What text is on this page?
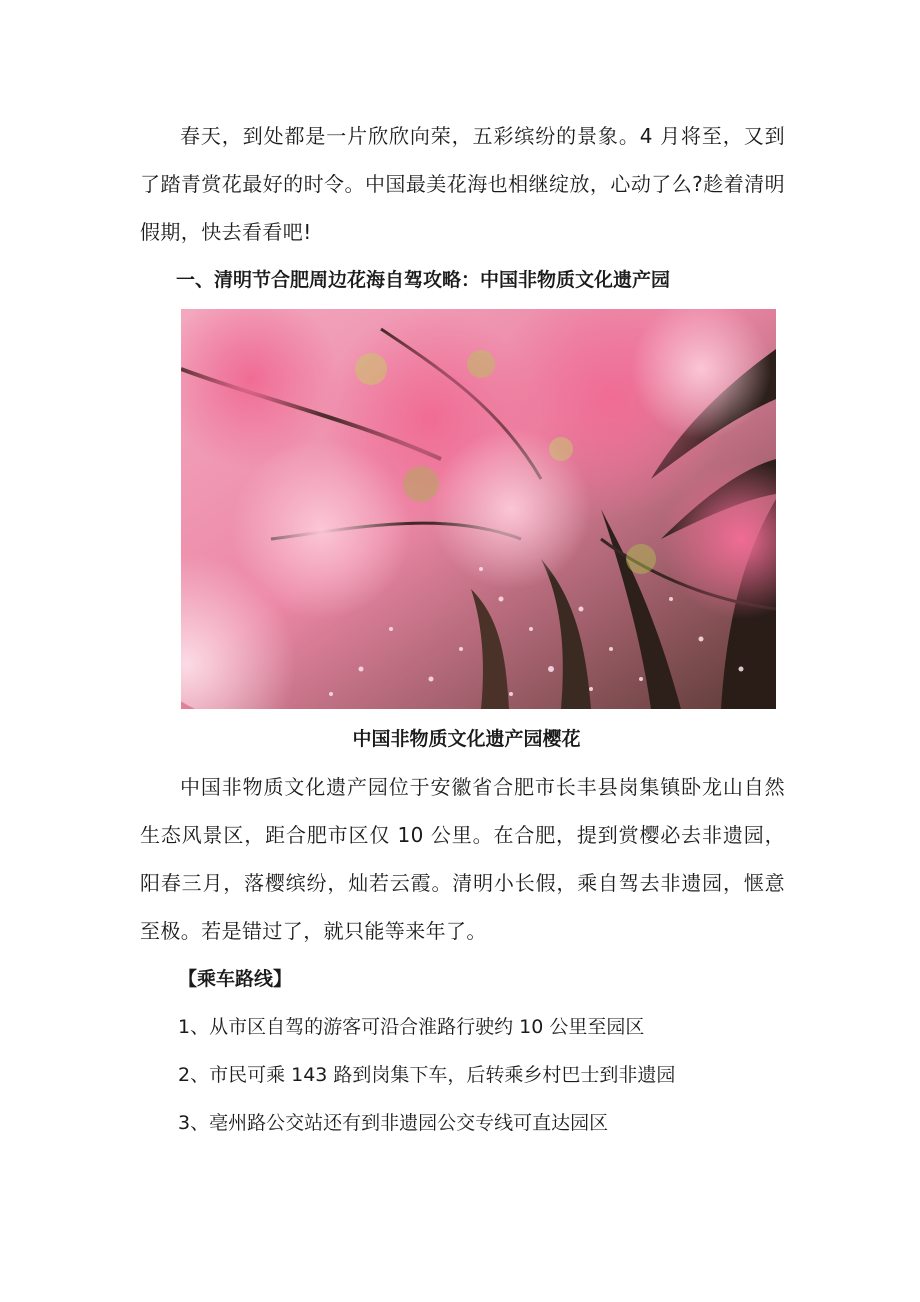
春天，到处都是一片欣欣向荣，五彩缤纷的景象。4 月将至，又到了踏青赏花最好的时令。中国最美花海也相继绽放，心动了么?趁着清明假期，快去看看吧!

一、清明节合肥周边花海自驾攻略：中国非物质文化遗产园

中国非物质文化遗产园樱花

中国非物质文化遗产园位于安徽省合肥市长丰县岗集镇卧龙山自然生态风景区，距合肥市区仅 10 公里。在合肥，提到赏樱必去非遗园，阳春三月，落樱缤纷，灿若云霞。清明小长假，乘自驾去非遗园，惬意至极。若是错过了，就只能等来年了。

【乘车路线】

1、从市区自驾的游客可沿合淮路行驶约 10 公里至园区

2、市民可乘 143 路到岗集下车，后转乘乡村巴士到非遗园

3、亳州路公交站还有到非遗园公交专线可直达园区
